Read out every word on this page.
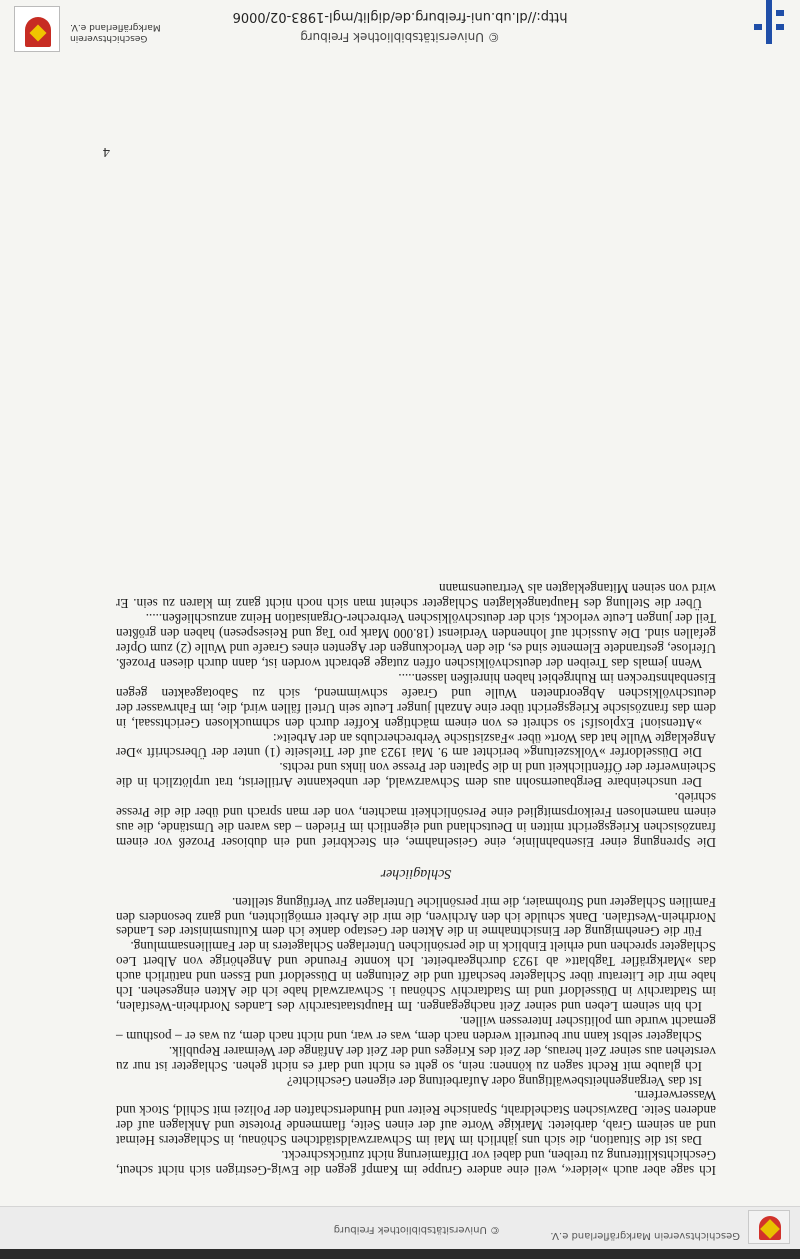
Geschichtsverein Markgräflerland e.V.
© Universitätsbibliothek Freiburg

Ich sage aber auch »leider«, weil eine andere Gruppe im Kampf gegen die Ewig-Gestrigen sich nicht scheut, Geschichtsklitterung zu treiben, und dabei vor Diffamierung nicht zurückschreckt.

Das ist die Situation, die sich uns jährlich im Mai im Schwarzwaldstädtchen Schönau, in Schlageters Heimat und an seinem Grab, darbietet: Markige Worte auf der einen Seite, flammende Proteste und Anklagen auf der anderen Seite. Dazwischen Stacheldraht, Spanische Reiter und Hundertschaften der Polizei mit Schild, Stock und Wasserwerfern.

Ist das Vergangenheitsbewältigung oder Aufarbeitung der eigenen Geschichte?

Ich glaube mit Recht sagen zu können: nein, so geht es nicht und darf es nicht gehen. Schlageter ist nur zu verstehen aus seiner Zeit heraus, der Zeit des Krieges und der Zeit der Anfänge der Weimarer Republik.

Schlageter selbst kann nur beurteilt werden nach dem, was er war, und nicht nach dem, zu was er – posthum – gemacht wurde um politischer Interessen willen.

Ich bin seinem Leben und seiner Zeit nachgegangen. Im Hauptstaatsarchiv des Landes Nordrhein-Westfalen, im Stadtarchiv in Düsseldorf und im Stadtarchiv Schönau i. Schwarzwald habe ich die Akten eingesehen. Ich habe mir die Literatur über Schlageter beschafft und die Zeitungen in Düsseldorf und Essen und natürlich auch das »Markgräfler Tagblatt« ab 1923 durchgearbeitet. Ich konnte Freunde und Angehörige von Albert Leo Schlageter sprechen und erhielt Einblick in die persönlichen Unterlagen Schlageters in der Familiensammlung.

Für die Genehmigung der Einsichtnahme in die Akten der Gestapo danke ich dem Kultusminister des Landes Nordrhein-Westfalen. Dank schulde ich den Archiven, die mir die Arbeit ermöglichten, und ganz besonders den Familien Schlageter und Strohmaier, die mir persönliche Unterlagen zur Verfügung stellten.

Schlagiicher

Die Sprengung einer Eisenbahnlinie, eine Geiselnahme, ein Steckbrief und ein dubioser Prozeß vor einem französischen Kriegsgericht mitten in Deutschland und eigentlich im Frieden – das waren die Umstände, die aus einem namenlosen Freikorpsmitglied eine Persönlichkeit machten, von der man sprach und über die die Presse schrieb.

Der unscheinbare Bergbauernsohn aus dem Schwarzwald, der unbekannte Artillerist, trat urplötzlich in die Scheinwerfer der Öffentlichkeit und in die Spalten der Presse von links und rechts.

Die Düsseldorfer »Volkszeitung« berichtet am 9. Mai 1923 auf der Titelseite (1) unter der Überschrift »Der Angeklagte Wulle hat das Wort« über »Faszistische Verbrecherclubs an der Arbeit«:

»Attension! Explosifs! so schreit es von einem mächtigen Koffer durch den schmucklosen Gerichtssaal, in dem das französische Kriegsgericht über eine Anzahl junger Leute sein Urteil fällen wird, die, im Fahrwasser der deutschvölkischen Abgeordneten Wulle und Graefe schwimmend, sich zu Sabotageakten gegen Eisenbahnstrecken im Ruhrgebiet haben hinreißen lassen.....

Wenn jemals das Treiben der deutschvölkischen offen zutage gebracht worden ist, dann durch diesen Prozeß. Uferlose, gestrandete Elemente sind es, die den Verlockungen der Agenten eines Graefe und Wulle (2) zum Opfer gefallen sind. Die Aussicht auf lohnenden Verdienst (18.000 Mark pro Tag und Reisespesen) haben den größten Teil der jungen Leute verlockt, sich der deutschvölkischen Verbrecher-Organisation Heinz anzuschließen.....

Über die Stellung des Hauptangeklagten Schlageter scheint man sich noch nicht ganz im klaren zu sein. Er wird von seinen Mitangeklagten als Vertrauensmann

4
© Universitätsbibliothek Freiburg
http://dl.ub.uni-freiburg.de/diglit/mgl-1983-02/0006
Geschichtsverein Markgräflerland e.V.
